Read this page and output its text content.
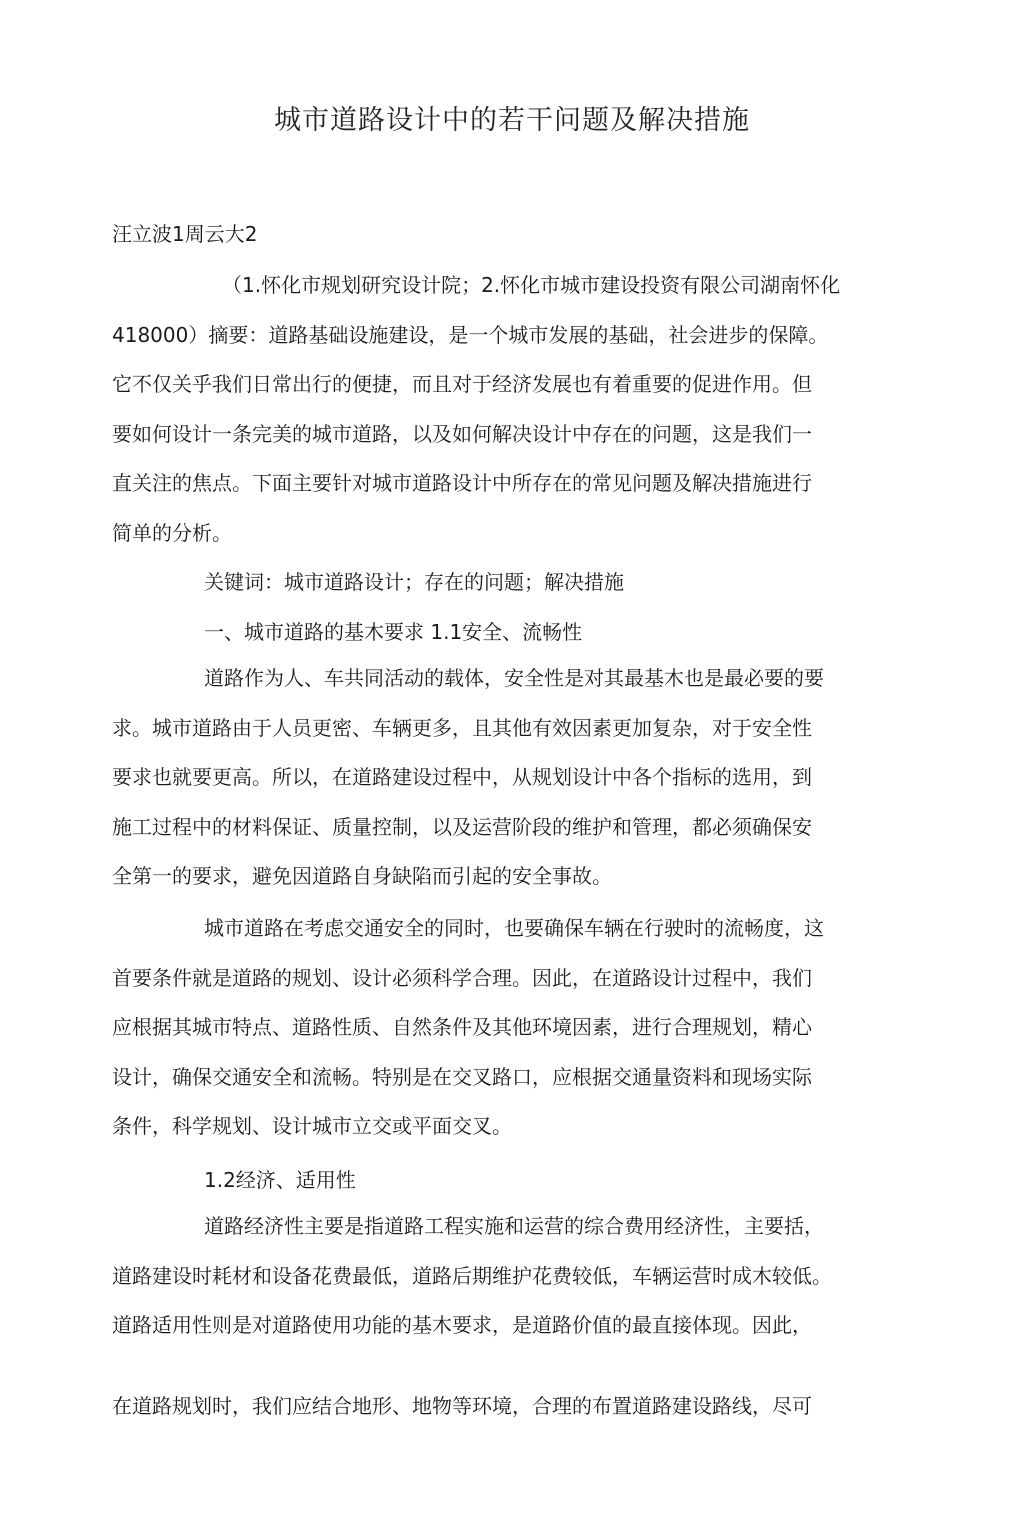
城市道路设计中的若干问题及解决措施
汪立波1周云大2
（1.怀化市规划研究设计院；2.怀化市城市建设投资有限公司湖南怀化
418000）摘要：道路基础设施建设，是一个城市发展的基础，社会进步的保障。
它不仅关乎我们日常出行的便捷，而且对于经济发展也有着重要的促进作用。但
要如何设计一条完美的城市道路，以及如何解决设计中存在的问题，这是我们一
直关注的焦点。下面主要针对城市道路设计中所存在的常见问题及解决措施进行
简单的分析。
关键词：城市道路设计；存在的问题；解决措施
一、城市道路的基木要求 1.1安全、流畅性
道路作为人、车共同活动的载体，安全性是对其最基木也是最必要的要
求。城市道路由于人员更密、车辆更多，且其他有效因素更加复杂，对于安全性
要求也就要更高。所以，在道路建设过程中，从规划设计中各个指标的选用，到
施工过程中的材料保证、质量控制，以及运营阶段的维护和管理，都必须确保安
全第一的要求，避免因道路自身缺陷而引起的安全事故。
城市道路在考虑交通安全的同时，也要确保车辆在行驶时的流畅度，这
首要条件就是道路的规划、设计必须科学合理。因此，在道路设计过程中，我们
应根据其城市特点、道路性质、自然条件及其他环境因素，进行合理规划，精心
设计，确保交通安全和流畅。特别是在交叉路口，应根据交通量资料和现场实际
条件，科学规划、设计城市立交或平面交叉。
1.2经济、适用性
道路经济性主要是指道路工程实施和运营的综合费用经济性，主要括，
道路建设时耗材和设备花费最低，道路后期维护花费较低，车辆运营时成木较低。
道路适用性则是对道路使用功能的基木要求，是道路价值的最直接体现。因此，
在道路规划时，我们应结合地形、地物等环境，合理的布置道路建设路线，尽可
